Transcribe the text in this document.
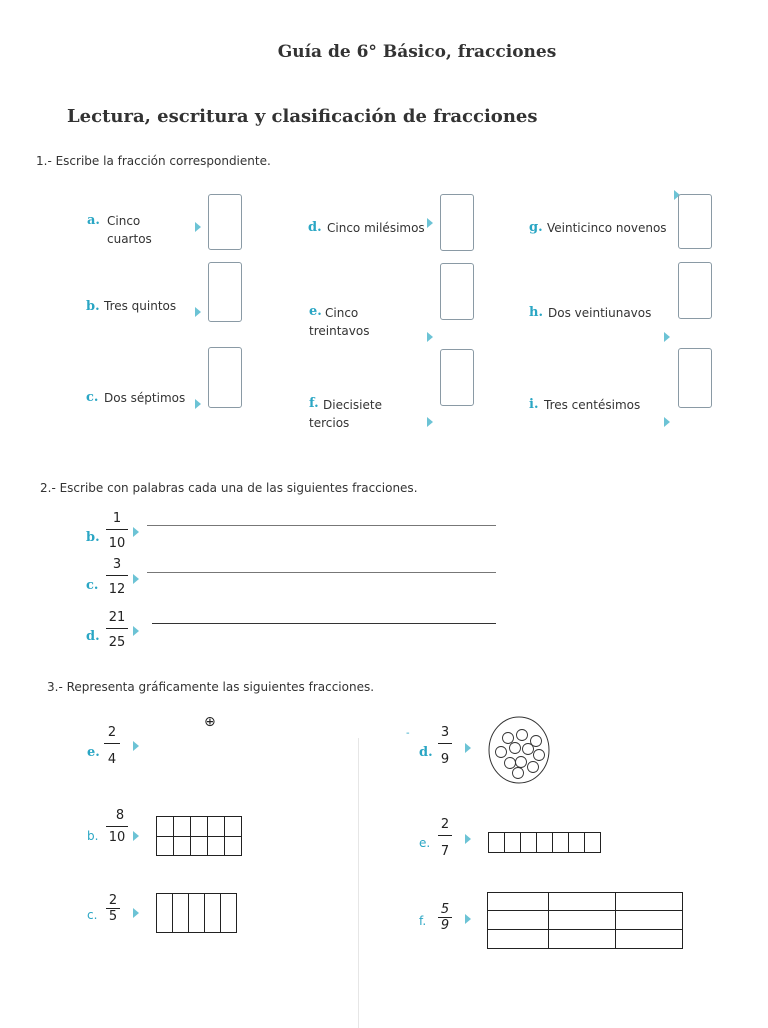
Guía de 6° Básico, fracciones
Lectura, escritura y clasificación de fracciones
1.- Escribe la fracción correspondiente.
a. Cinco cuartos
b. Tres quintos
c. Dos séptimos
d. Cinco milésimos
e. Cinco treintavos
f. Diecisiete tercios
g. Veinticinco novenos
h. Dos veintiunavos
i. Tres centésimos
2.- Escribe con palabras cada una de las siguientes fracciones.
b. $\frac{1}{10}$
c. $\frac{3}{12}$
d. $\frac{21}{25}$
3.- Representa gráficamente las siguientes fracciones.
e. $\frac{2}{4}$
⊕
b. $\frac{8}{10}$

c. $\frac{2}{5}$

-
d. $\frac{3}{9}$
e. $\frac{2}{7}$

f. $\frac{5}{9}$
